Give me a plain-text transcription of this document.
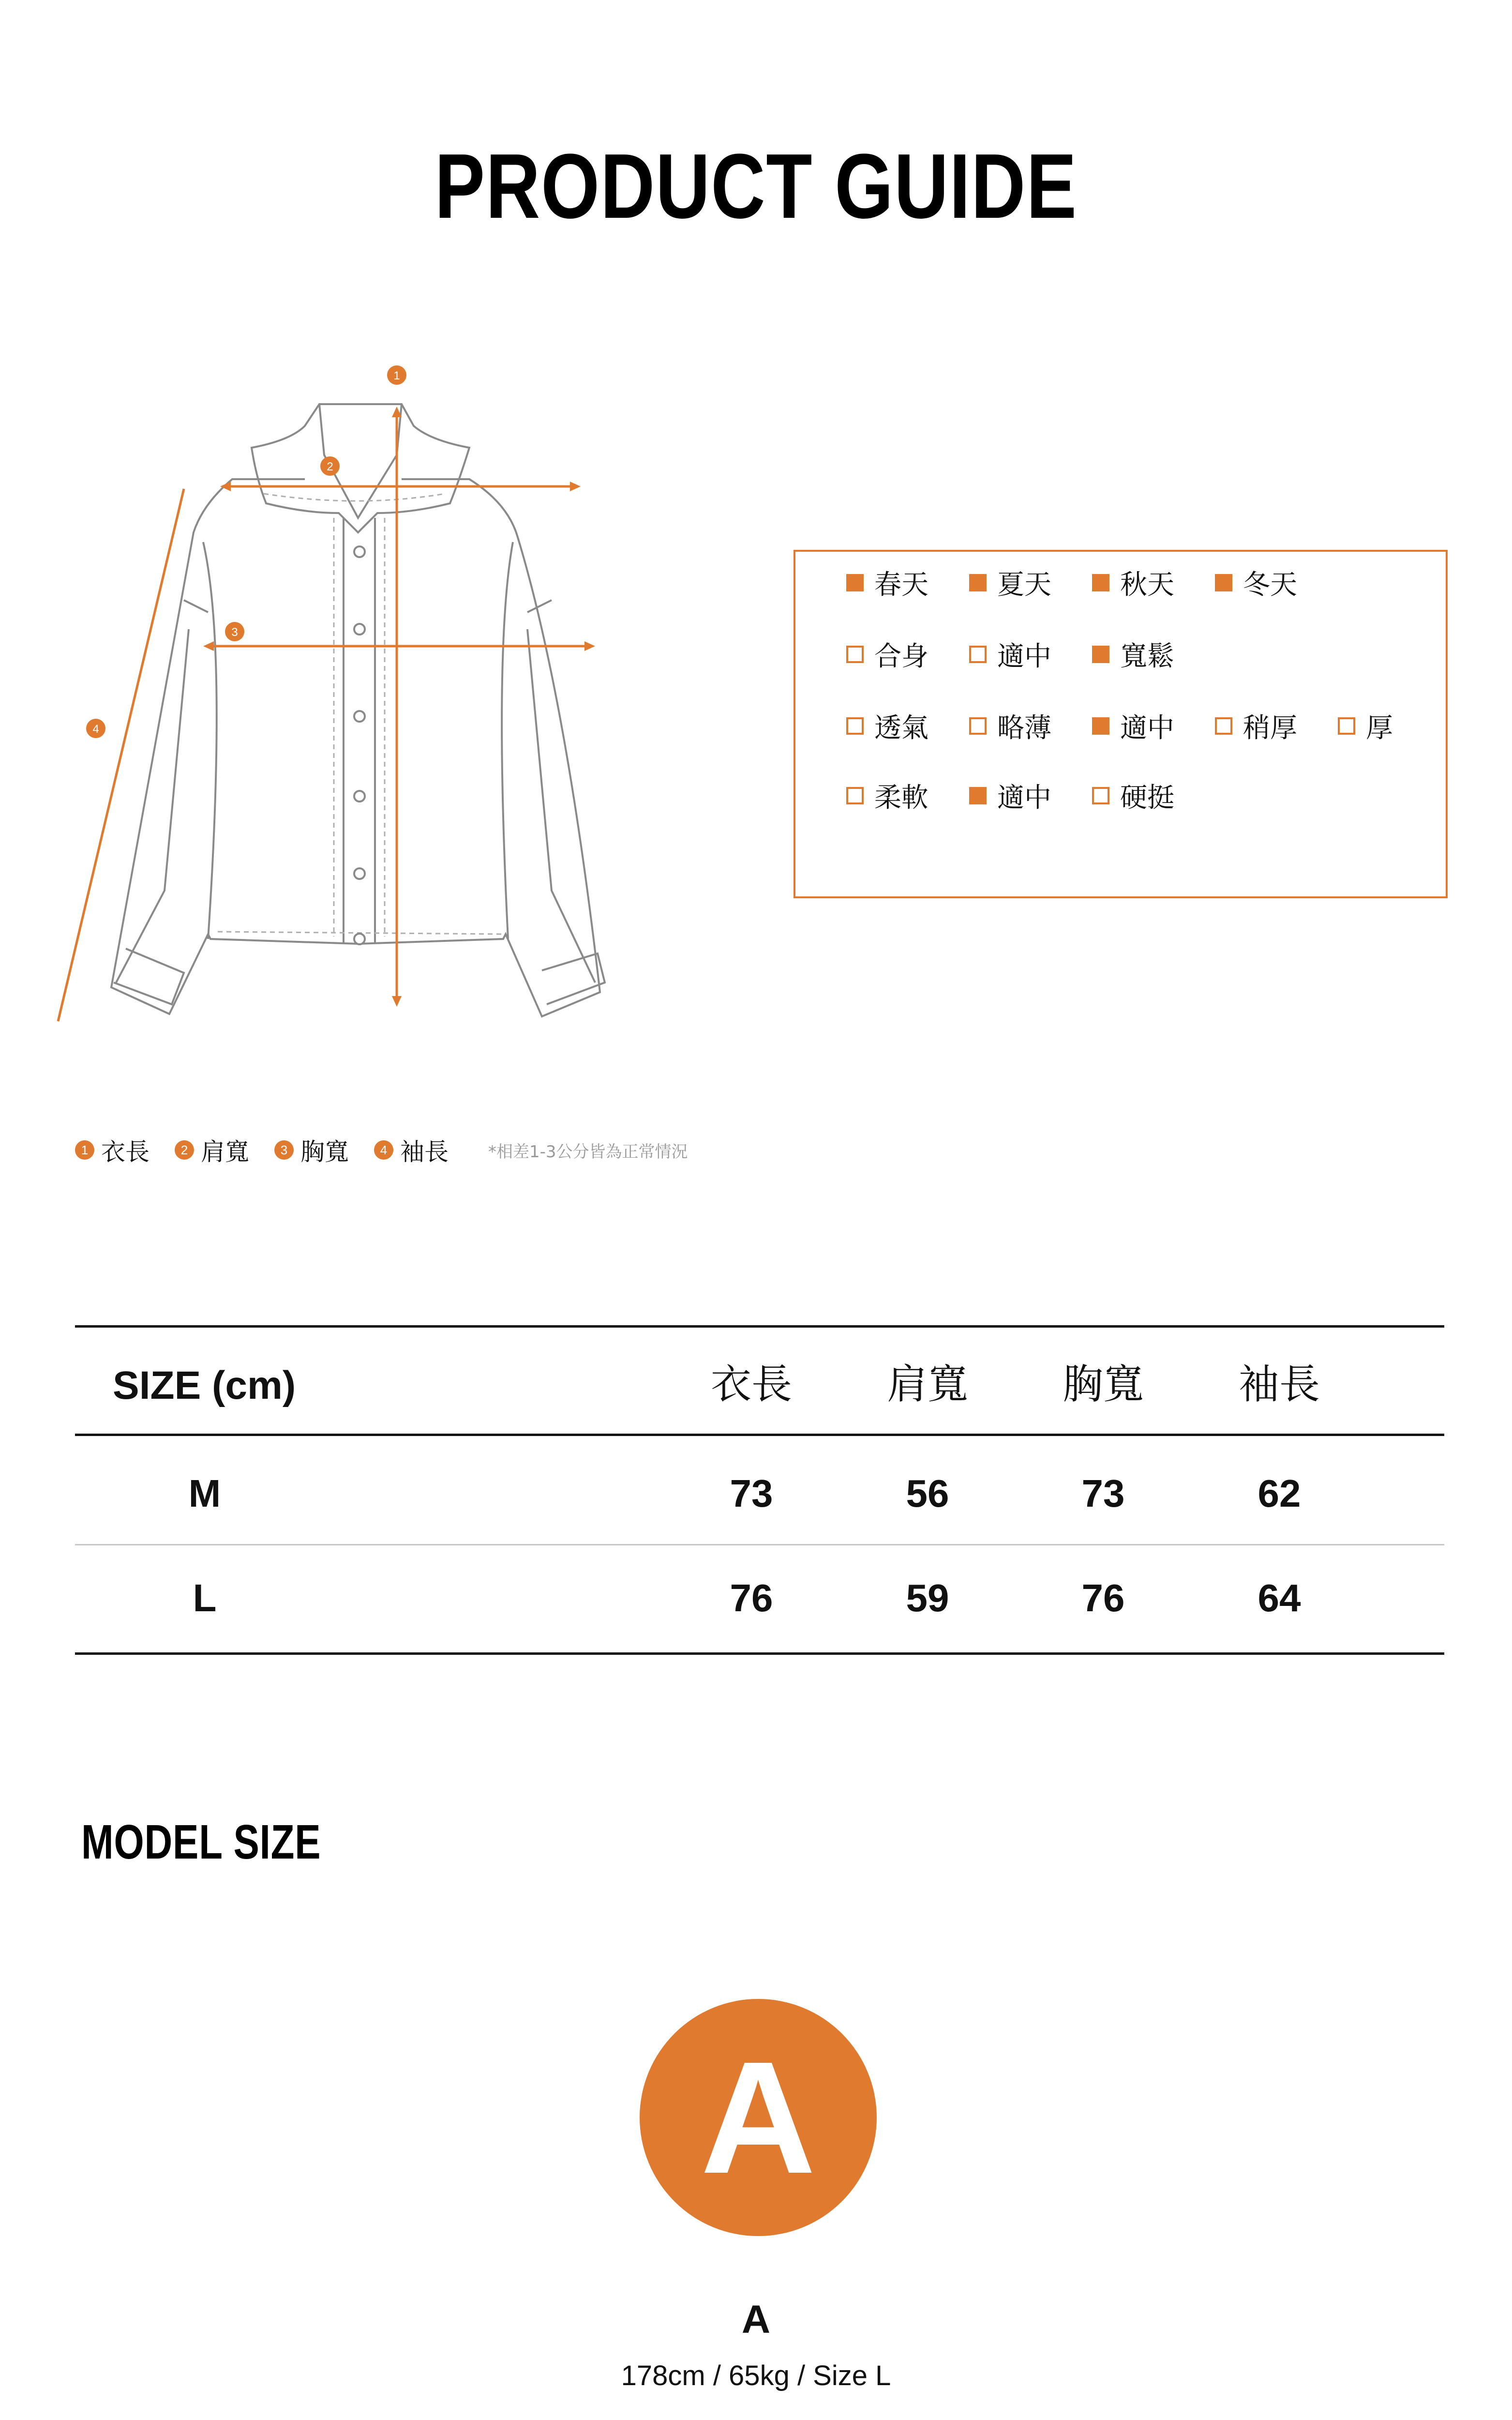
PRODUCT GUIDE
1
2
3
4
春天	夏天	秋天	冬天
合身	適中	寬鬆
透氣	略薄	適中	稍厚	厚
柔軟	適中	硬挺
1 衣長	2 肩寬	3 胸寬	4 袖長 *相差1-3公分皆為正常情況
SIZE (cm)	衣長	肩寬	胸寬	袖長
M	73	56	73	62
L	76	59	76	64
MODEL SIZE
A
A
178cm / 65kg / Size L
